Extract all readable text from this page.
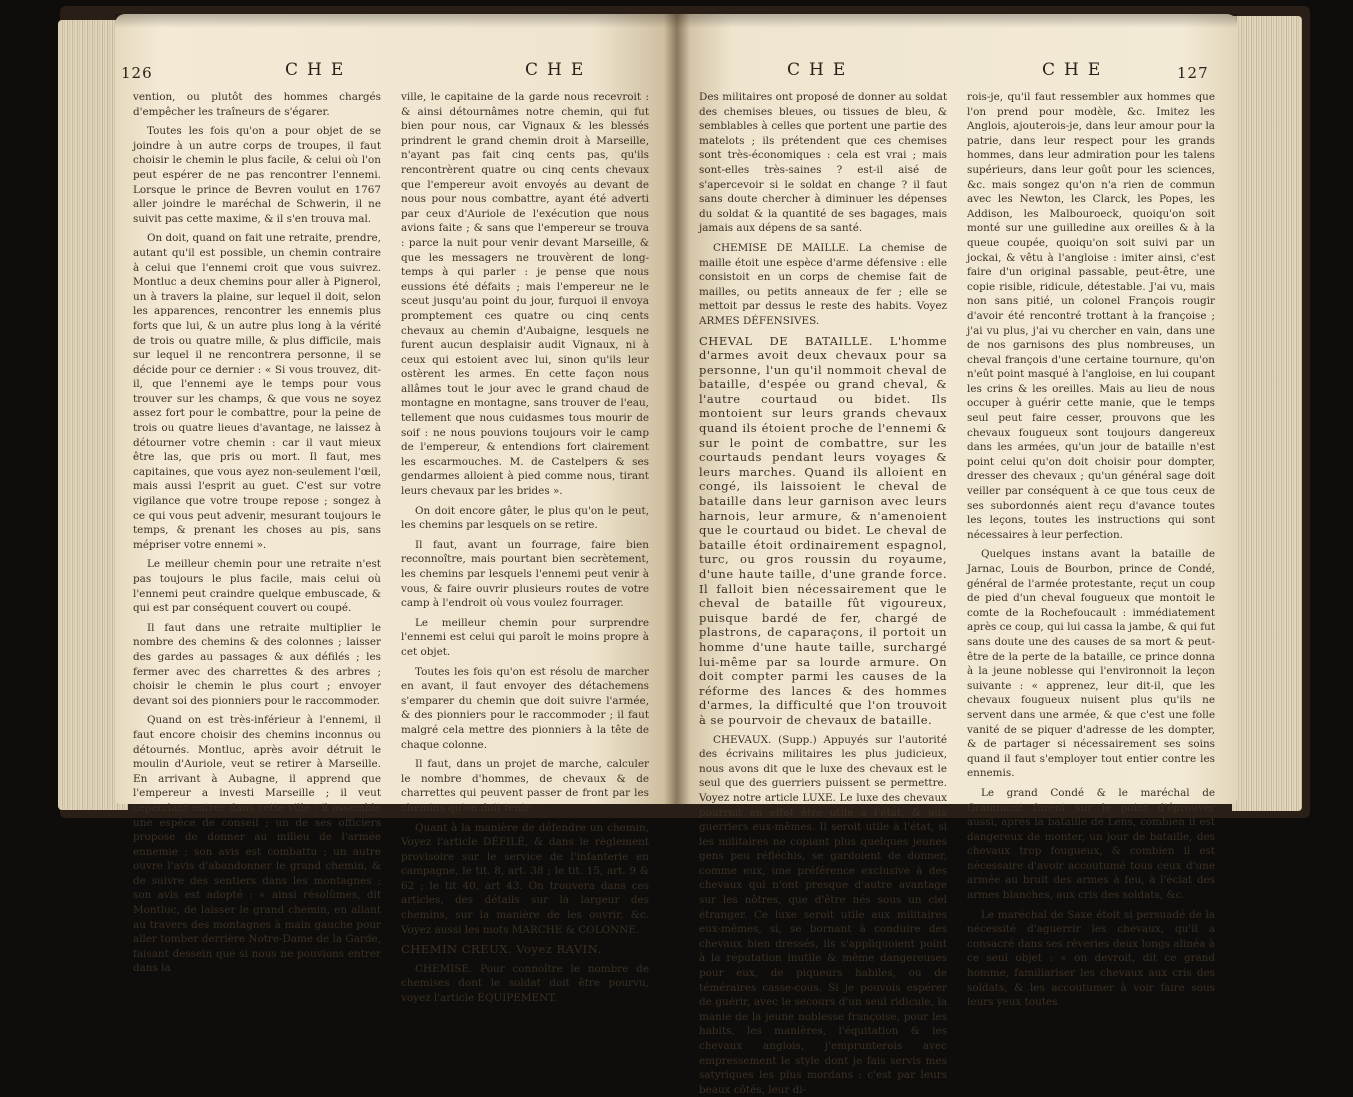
126	CHE	CHE

vention, ou plutôt des hommes chargés d'empêcher les traîneurs de s'égarer.

Toutes les fois qu'on a pour objet de se joindre à un autre corps de troupes, il faut choisir le chemin le plus facile, & celui où l'on peut espérer de ne pas rencontrer l'ennemi. Lorsque le prince de Bevren voulut en 1767 aller joindre le maréchal de Schwerin, il ne suivit pas cette maxime, & il s'en trouva mal.

On doit, quand on fait une retraite, prendre, autant qu'il est possible, un chemin contraire à celui que l'ennemi croit que vous suivrez. Montluc a deux chemins pour aller à Pignerol, un à travers la plaine, sur lequel il doit, selon les apparences, rencontrer les ennemis plus forts que lui, & un autre plus long à la vérité de trois ou quatre mille, & plus difficile, mais sur lequel il ne rencontrera personne, il se décide pour ce dernier : « Si vous trouvez, dit-il, que l'ennemi aye le temps pour vous trouver sur les champs, & que vous ne soyez assez fort pour le combattre, pour la peine de trois ou quatre lieues d'avantage, ne laissez à détourner votre chemin : car il vaut mieux être las, que pris ou mort. Il faut, mes capitaines, que vous ayez non-seulement l'œil, mais aussi l'esprit au guet. C'est sur votre vigilance que votre troupe repose ; songez à ce qui vous peut advenir, mesurant toujours le temps, & prenant les choses au pis, sans mépriser votre ennemi ».

Le meilleur chemin pour une retraite n'est pas toujours le plus facile, mais celui où l'ennemi peut craindre quelque embuscade, & qui est par conséquent couvert ou coupé.

Il faut dans une retraite multiplier le nombre des chemins & des colonnes ; laisser des gardes au passages & aux défilés ; les fermer avec des charrettes & des arbres ; choisir le chemin le plus court ; envoyer devant soi des pionniers pour le raccommoder.

Quand on est très-inférieur à l'ennemi, il faut encore choisir des chemins inconnus ou détournés. Montluc, après avoir détruit le moulin d'Auriole, veut se retirer à Marseille. En arrivant à Aubagne, il apprend que l'empereur a investi Marseille ; il veut cependant entrer dans cette ville ; il assemble une espèce de conseil ; un de ses officiers propose de donner au milieu de l'armée ennemie ; son avis est combattu ; un autre ouvre l'avis d'abandonner le grand chemin, & de suivre des sentiers dans les montagnes ; son avis est adopté : « ainsi résolûmes, dit Montluc, de laisser le grand chemin, en allant au travers des montagnes à main gauche pour aller tomber derrière Notre-Dame de la Garde, faisant dessein que si nous ne pouvions entrer dans la

ville, le capitaine de la garde nous recevroit : & ainsi détournâmes notre chemin, qui fut bien pour nous, car Vignaux & les blessés prindrent le grand chemin droit à Marseille, n'ayant pas fait cinq cents pas, qu'ils rencontrèrent quatre ou cinq cents chevaux que l'empereur avoit envoyés au devant de nous pour nous combattre, ayant été adverti par ceux d'Auriole de l'exécution que nous avions faite ; & sans que l'empereur se trouva : parce la nuit pour venir devant Marseille, & que les messagers ne trouvèrent de long-temps à qui parler : je pense que nous eussions été défaits ; mais l'empereur ne le sceut jusqu'au point du jour, furquoi il envoya promptement ces quatre ou cinq cents chevaux au chemin d'Aubaigne, lesquels ne furent aucun desplaisir audit Vignaux, ni à ceux qui estoient avec lui, sinon qu'ils leur ostèrent les armes. En cette façon nous allâmes tout le jour avec le grand chaud de montagne en montagne, sans trouver de l'eau, tellement que nous cuidasmes tous mourir de soif : ne nous pouvions toujours voir le camp de l'empereur, & entendions fort clairement les escarmouches. M. de Castelpers & ses gendarmes alloient à pied comme nous, tirant leurs chevaux par les brides ».

On doit encore gâter, le plus qu'on le peut, les chemins par lesquels on se retire.

Il faut, avant un fourrage, faire bien reconnoître, mais pourtant bien secrètement, les chemins par lesquels l'ennemi peut venir à vous, & faire ouvrir plusieurs routes de votre camp à l'endroit où vous voulez fourrager.

Le meilleur chemin pour surprendre l'ennemi est celui qui paroît le moins propre à cet objet.

Toutes les fois qu'on est résolu de marcher en avant, il faut envoyer des détachemens s'emparer du chemin que doit suivre l'armée, & des pionniers pour le raccommoder ; il faut malgré cela mettre des pionniers à la tête de chaque colonne.

Il faut, dans un projet de marche, calculer le nombre d'hommes, de chevaux & de charrettes qui peuvent passer de front par les chemins qu'on doit tenir.

Quant à la manière de défendre un chemin, Voyez l'article DÉFILÉ, & dans le règlement provisoire sur le service de l'infanterie en campagne, le tit. 8, art. 38 ; le tit. 15, art. 9 & 62 ; le tit 40, art 43. On trouvera dans ces articles, des détails sur la largeur des chemins, sur la manière de les ouvrir, &c. Voyez aussi les mots MARCHE & COLONNE.

CHEMIN CREUX. Voyez RAVIN.

CHEMISE. Pour connoître le nombre de chemises dont le soldat doit être pourvu, voyez l'article ÉQUIPEMENT.

CHE	CHE	127

Des militaires ont proposé de donner au soldat des chemises bleues, ou tissues de bleu, & semblables à celles que portent une partie des matelots ; ils prétendent que ces chemises sont très-économiques : cela est vrai ; mais sont-elles très-saines ? est-il aisé de s'apercevoir si le soldat en change ? il faut sans doute chercher à diminuer les dépenses du soldat & la quantité de ses bagages, mais jamais aux dépens de sa santé.

CHEMISE DE MAILLE. La chemise de maille étoit une espèce d'arme défensive : elle consistoit en un corps de chemise fait de mailles, ou petits anneaux de fer ; elle se mettoit par dessus le reste des habits. Voyez ARMES DÉFENSIVES.

CHEVAL DE BATAILLE. L'homme d'armes avoit deux chevaux pour sa personne, l'un qu'il nommoit cheval de bataille, d'espée ou grand cheval, & l'autre courtaud ou bidet. Ils montoient sur leurs grands chevaux quand ils étoient proche de l'ennemi & sur le point de combattre, sur les courtauds pendant leurs voyages & leurs marches. Quand ils alloient en congé, ils laissoient le cheval de bataille dans leur garnison avec leurs harnois, leur armure, & n'amenoient que le courtaud ou bidet. Le cheval de bataille étoit ordinairement espagnol, turc, ou gros roussin du royaume, d'une haute taille, d'une grande force. Il falloit bien nécessairement que le cheval de bataille fût vigoureux, puisque bardé de fer, chargé de plastrons, de caparaçons, il portoit un homme d'une haute taille, surchargé lui-même par sa lourde armure. On doit compter parmi les causes de la réforme des lances & des hommes d'armes, la difficulté que l'on trouvoit à se pourvoir de chevaux de bataille.

CHEVAUX. (Supp.) Appuyés sur l'autorité des écrivains militaires les plus judicieux, nous avons dit que le luxe des chevaux est le seul que des guerriers puissent se permettre. Voyez notre article LUXE. Le luxe des chevaux pourroit en effet être utile à l'état, & aux guerriers eux-mêmes. Il seroit utile à l'état, si les militaires ne copiant plus quelques jeunes gens peu réfléchis, se gardoient de donner, comme eux, une préférence exclusive à des chevaux qui n'ont presque d'autre avantage sur les nôtres, que d'être nés sous un ciel étranger. Ce luxe seroit utile aux militaires eux-mêmes, si, se bornant à conduire des chevaux bien dressés, ils s'appliquoient point à la réputation inutile & même dangereuses pour eux, de piqueurs habiles, ou de téméraires casse-cous. Si je pouvois espérer de guérir, avec le secours d'un seul ridicule, la manie de la jeune noblesse françoise, pour les habits, les manières, l'équitation & les chevaux anglois, j'emprunterois avec empressement le style dont je fais servis mes satyriques les plus mordans : c'est par leurs beaux côtés, leur di-

rois-je, qu'il faut ressembler aux hommes que l'on prend pour modèle, &c. Imitez les Anglois, ajouterois-je, dans leur amour pour la patrie, dans leur respect pour les grands hommes, dans leur admiration pour les talens supérieurs, dans leur goût pour les sciences, &c. mais songez qu'on n'a rien de commun avec les Newton, les Clarck, les Popes, les Addison, les Malbouroeck, quoiqu'on soit monté sur une guilledine aux oreilles & à la queue coupée, quoiqu'on soit suivi par un jockai, & vêtu à l'angloise : imiter ainsi, c'est faire d'un original passable, peut-être, une copie risible, ridicule, détestable. J'ai vu, mais non sans pitié, un colonel François rougir d'avoir été rencontré trottant à la françoise ; j'ai vu plus, j'ai vu chercher en vain, dans une de nos garnisons des plus nombreuses, un cheval françois d'une certaine tournure, qu'on n'eût point masqué à l'angloise, en lui coupant les crins & les oreilles. Mais au lieu de nous occuper à guérir cette manie, que le temps seul peut faire cesser, prouvons que les chevaux fougueux sont toujours dangereux dans les armées, qu'un jour de bataille n'est point celui qu'on doit choisir pour dompter, dresser des chevaux ; qu'un général sage doit veiller par conséquent à ce que tous ceux de ses subordonnés aient reçu d'avance toutes les leçons, toutes les instructions qui sont nécessaires à leur perfection.

Quelques instans avant la bataille de Jarnac, Louis de Bourbon, prince de Condé, général de l'armée protestante, reçut un coup de pied d'un cheval fougueux que montoit le comte de la Rochefoucault : immédiatement après ce coup, qui lui cassa la jambe, & qui fut sans doute une des causes de sa mort & peut-être de la perte de la bataille, ce prince donna à la jeune noblesse qui l'environnoit la leçon suivante : « apprenez, leur dit-il, que les chevaux fougueux nuisent plus qu'ils ne servent dans une armée, & que c'est une folle vanité de se piquer d'adresse de les dompter, & de partager si nécessairement ses soins quand il faut s'employer tout entier contre les ennemis.

Le grand Condé & le maréchal de Grammont furent sur le point d'éprouver aussi, après la bataille de Lens, combien il est dangereux de monter, un jour de bataille, des chevaux trop fougueux, & combien il est nécessaire d'avoir accoutumé tous ceux d'une armée au bruit des armes à feu, à l'éclat des armes blanches, aux cris des soldats, &c.

Le maréchal de Saxe étoit si persuadé de la nécessité d'aguerrir les chevaux, qu'il a consacré dans ses rêveries deux longs alinéa à ce seul objet : « on devroit, dit ce grand homme, familiariser les chevaux aux cris des soldats, & les accoutumer à voir faire sous leurs yeux toutes
